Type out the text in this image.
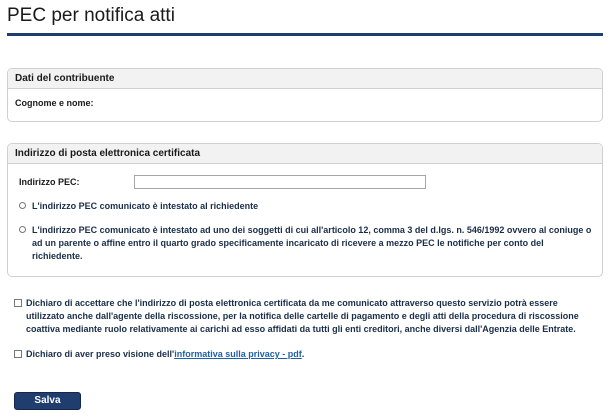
PEC per notifica atti
Dati del contribuente
Cognome e nome:
Indirizzo di posta elettronica certificata
Indirizzo PEC:
L'indirizzo PEC comunicato è intestato al richiedente
L'indirizzo PEC comunicato è intestato ad uno dei soggetti di cui all'articolo 12, comma 3 del d.lgs. n. 546/1992 ovvero al coniuge o ad un parente o affine entro il quarto grado specificamente incaricato di ricevere a mezzo PEC le notifiche per conto del richiedente.
Dichiaro di accettare che l'indirizzo di posta elettronica certificata da me comunicato attraverso questo servizio potrà essere utilizzato anche dall'agente della riscossione, per la notifica delle cartelle di pagamento e degli atti della procedura di riscossione coattiva mediante ruolo relativamente ai carichi ad esso affidati da tutti gli enti creditori, anche diversi dall'Agenzia delle Entrate.
Dichiaro di aver preso visione dell'informativa sulla privacy - pdf.
Salva
